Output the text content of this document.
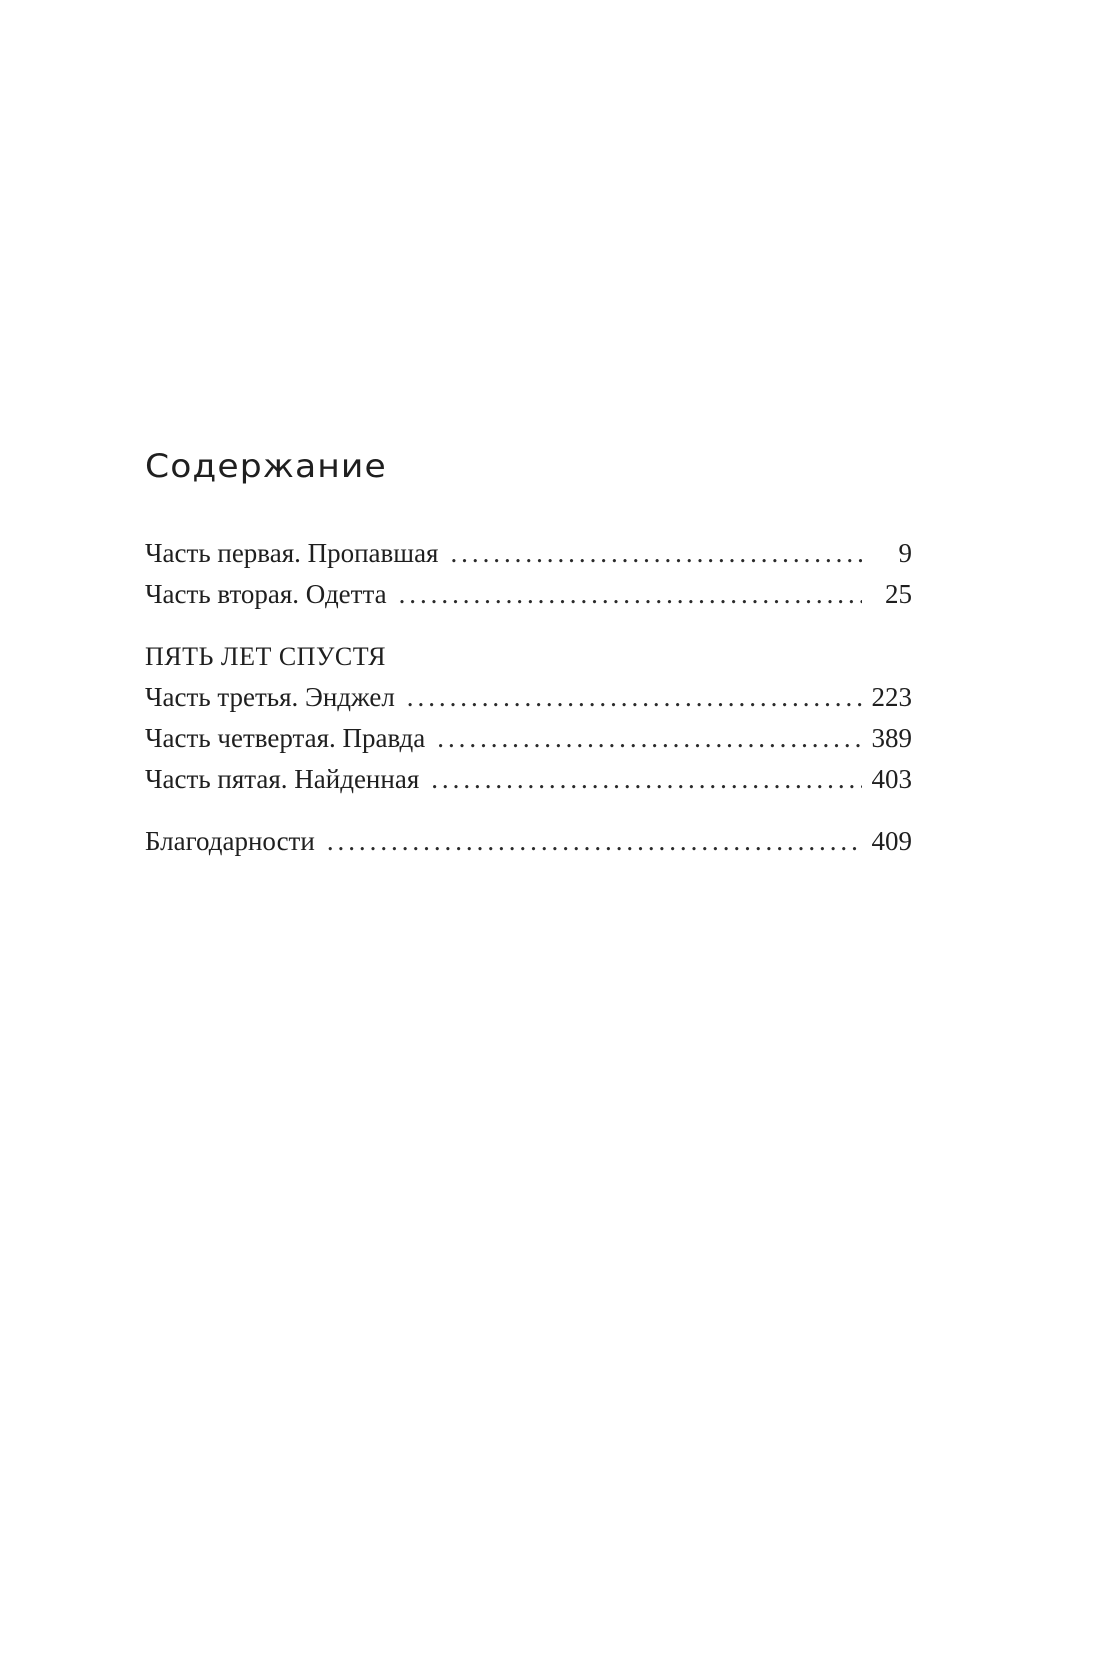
Содержание
Часть первая. Пропавшая . . .	9
Часть вторая. Одетта . . .	25
ПЯТЬ ЛЕТ СПУСТЯ
Часть третья. Энджел . . .	223
Часть четвертая. Правда . . .	389
Часть пятая. Найденная . . .	403
Благодарности . . .	409
